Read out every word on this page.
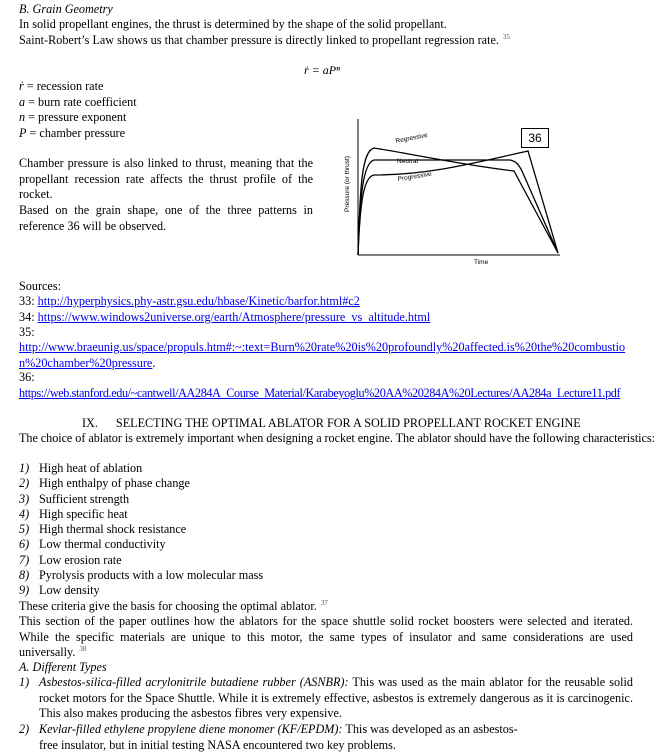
B. Grain Geometry
In solid propellant engines, the thrust is determined by the shape of the solid propellant.
Saint-Robert’s Law shows us that chamber pressure is directly linked to propellant regression rate. $^{35}$
ṙ = aPⁿ
ṙ = recession rate
a = burn rate coefficient
n = pressure exponent
P = chamber pressure
Chamber pressure is also linked to thrust, meaning that the propellant recession rate affects the thrust profile of the rocket.
Based on the grain shape, one of the three patterns in reference 36 will be observed.
Regressive
Neutral
Progressive
Time
Pressure (or thrust)
36
Sources:
33: http://hyperphysics.phy-astr.gsu.edu/hbase/Kinetic/barfor.html#c2
34: https://www.windows2universe.org/earth/Atmosphere/pressure_vs_altitude.html
35:
http://www.braeunig.us/space/propuls.htm#:~:text=Burn%20rate%20is%20profoundly%20affected.is%20the%20combustion%20chamber%20pressure.
36:
https://web.stanford.edu/~cantwell/AA284A_Course_Material/Karabeyoglu%20AA%20284A%20Lectures/AA284a_Lecture11.pdf
IX. SELECTING THE OPTIMAL ABLATOR FOR A SOLID PROPELLANT ROCKET ENGINE
The choice of ablator is extremely important when designing a rocket engine. The ablator should have the following characteristics:
1) High heat of ablation
2) High enthalpy of phase change
3) Sufficient strength
4) High specific heat
5) High thermal shock resistance
6) Low thermal conductivity
7) Low erosion rate
8) Pyrolysis products with a low molecular mass
9) Low density
These criteria give the basis for choosing the optimal ablator. $^{37}$
This section of the paper outlines how the ablators for the space shuttle solid rocket boosters were selected and iterated. While the specific materials are unique to this motor, the same types of insulator and same considerations are used universally. $^{38}$
A. Different Types
1) Asbestos-silica-filled acrylonitrile butadiene rubber (ASNBR): This was used as the main ablator for the reusable solid rocket motors for the Space Shuttle. While it is extremely effective, asbestos is extremely dangerous as it is carcinogenic. This also makes producing the asbestos fibres very expensive.
2) Kevlar-filled ethylene propylene diene monomer (KF/EPDM): This was developed as an asbestos-free insulator, but in initial testing NASA encountered two key problems.
